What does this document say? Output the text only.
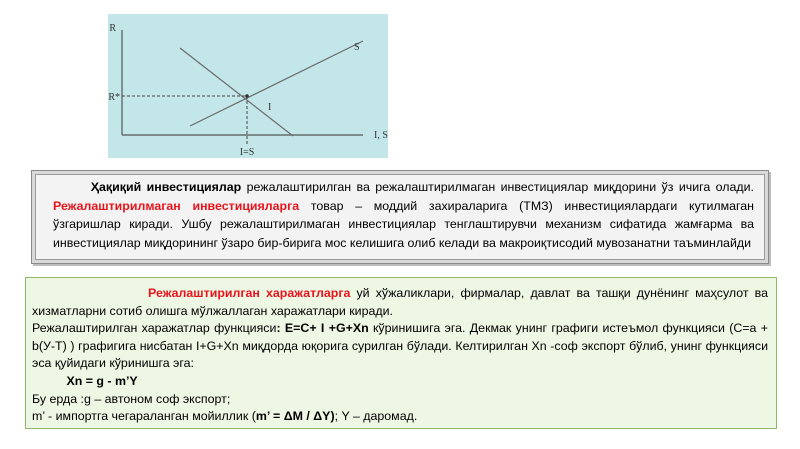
R
R*
I, S
I=S
S
I
Ҳақиқий инвестициялар режалаштирилган ва режалаштирилмаган инвестициялар миқдорини ўз ичига олади. Режалаштирилмаган инвестицияларга товар – моддий захираларига (ТМЗ) инвестициялардаги кутилмаган ўзгаришлар киради. Ушбу режалаштирилмаган инвестициялар тенглаштирувчи механизм сифатида жамғарма ва инвестициялар миқдорининг ўзаро бир-бирига мос келишига олиб келади ва макроиқтисодий мувозанатни таъминлайди

Режалаштирилган харажатларга уй хўжаликлари, фирмалар, давлат ва ташқи дунёнинг маҳсулот ва хизматларни сотиб олишга мўлжаллаган харажатлари киради.

Режалаштирилган харажатлар функцияси: E=C+ I +G+Xn кўринишига эга. Декмак унинг графиги истеъмол функцияси (C=a + b(У-T) ) графигига нисбатан I+G+Xn миқдорда юқорига сурилган бўлади. Келтирилган Xn -соф экспорт бўлиб, унинг функцияси эса қуйидаги кўринишга эга:

Xn = g - m’Y

Бу ерда :g – автоном соф экспорт;

m’ - импортга чегараланган мойиллик (m’ = ΔM / ΔY); Y – даромад.
